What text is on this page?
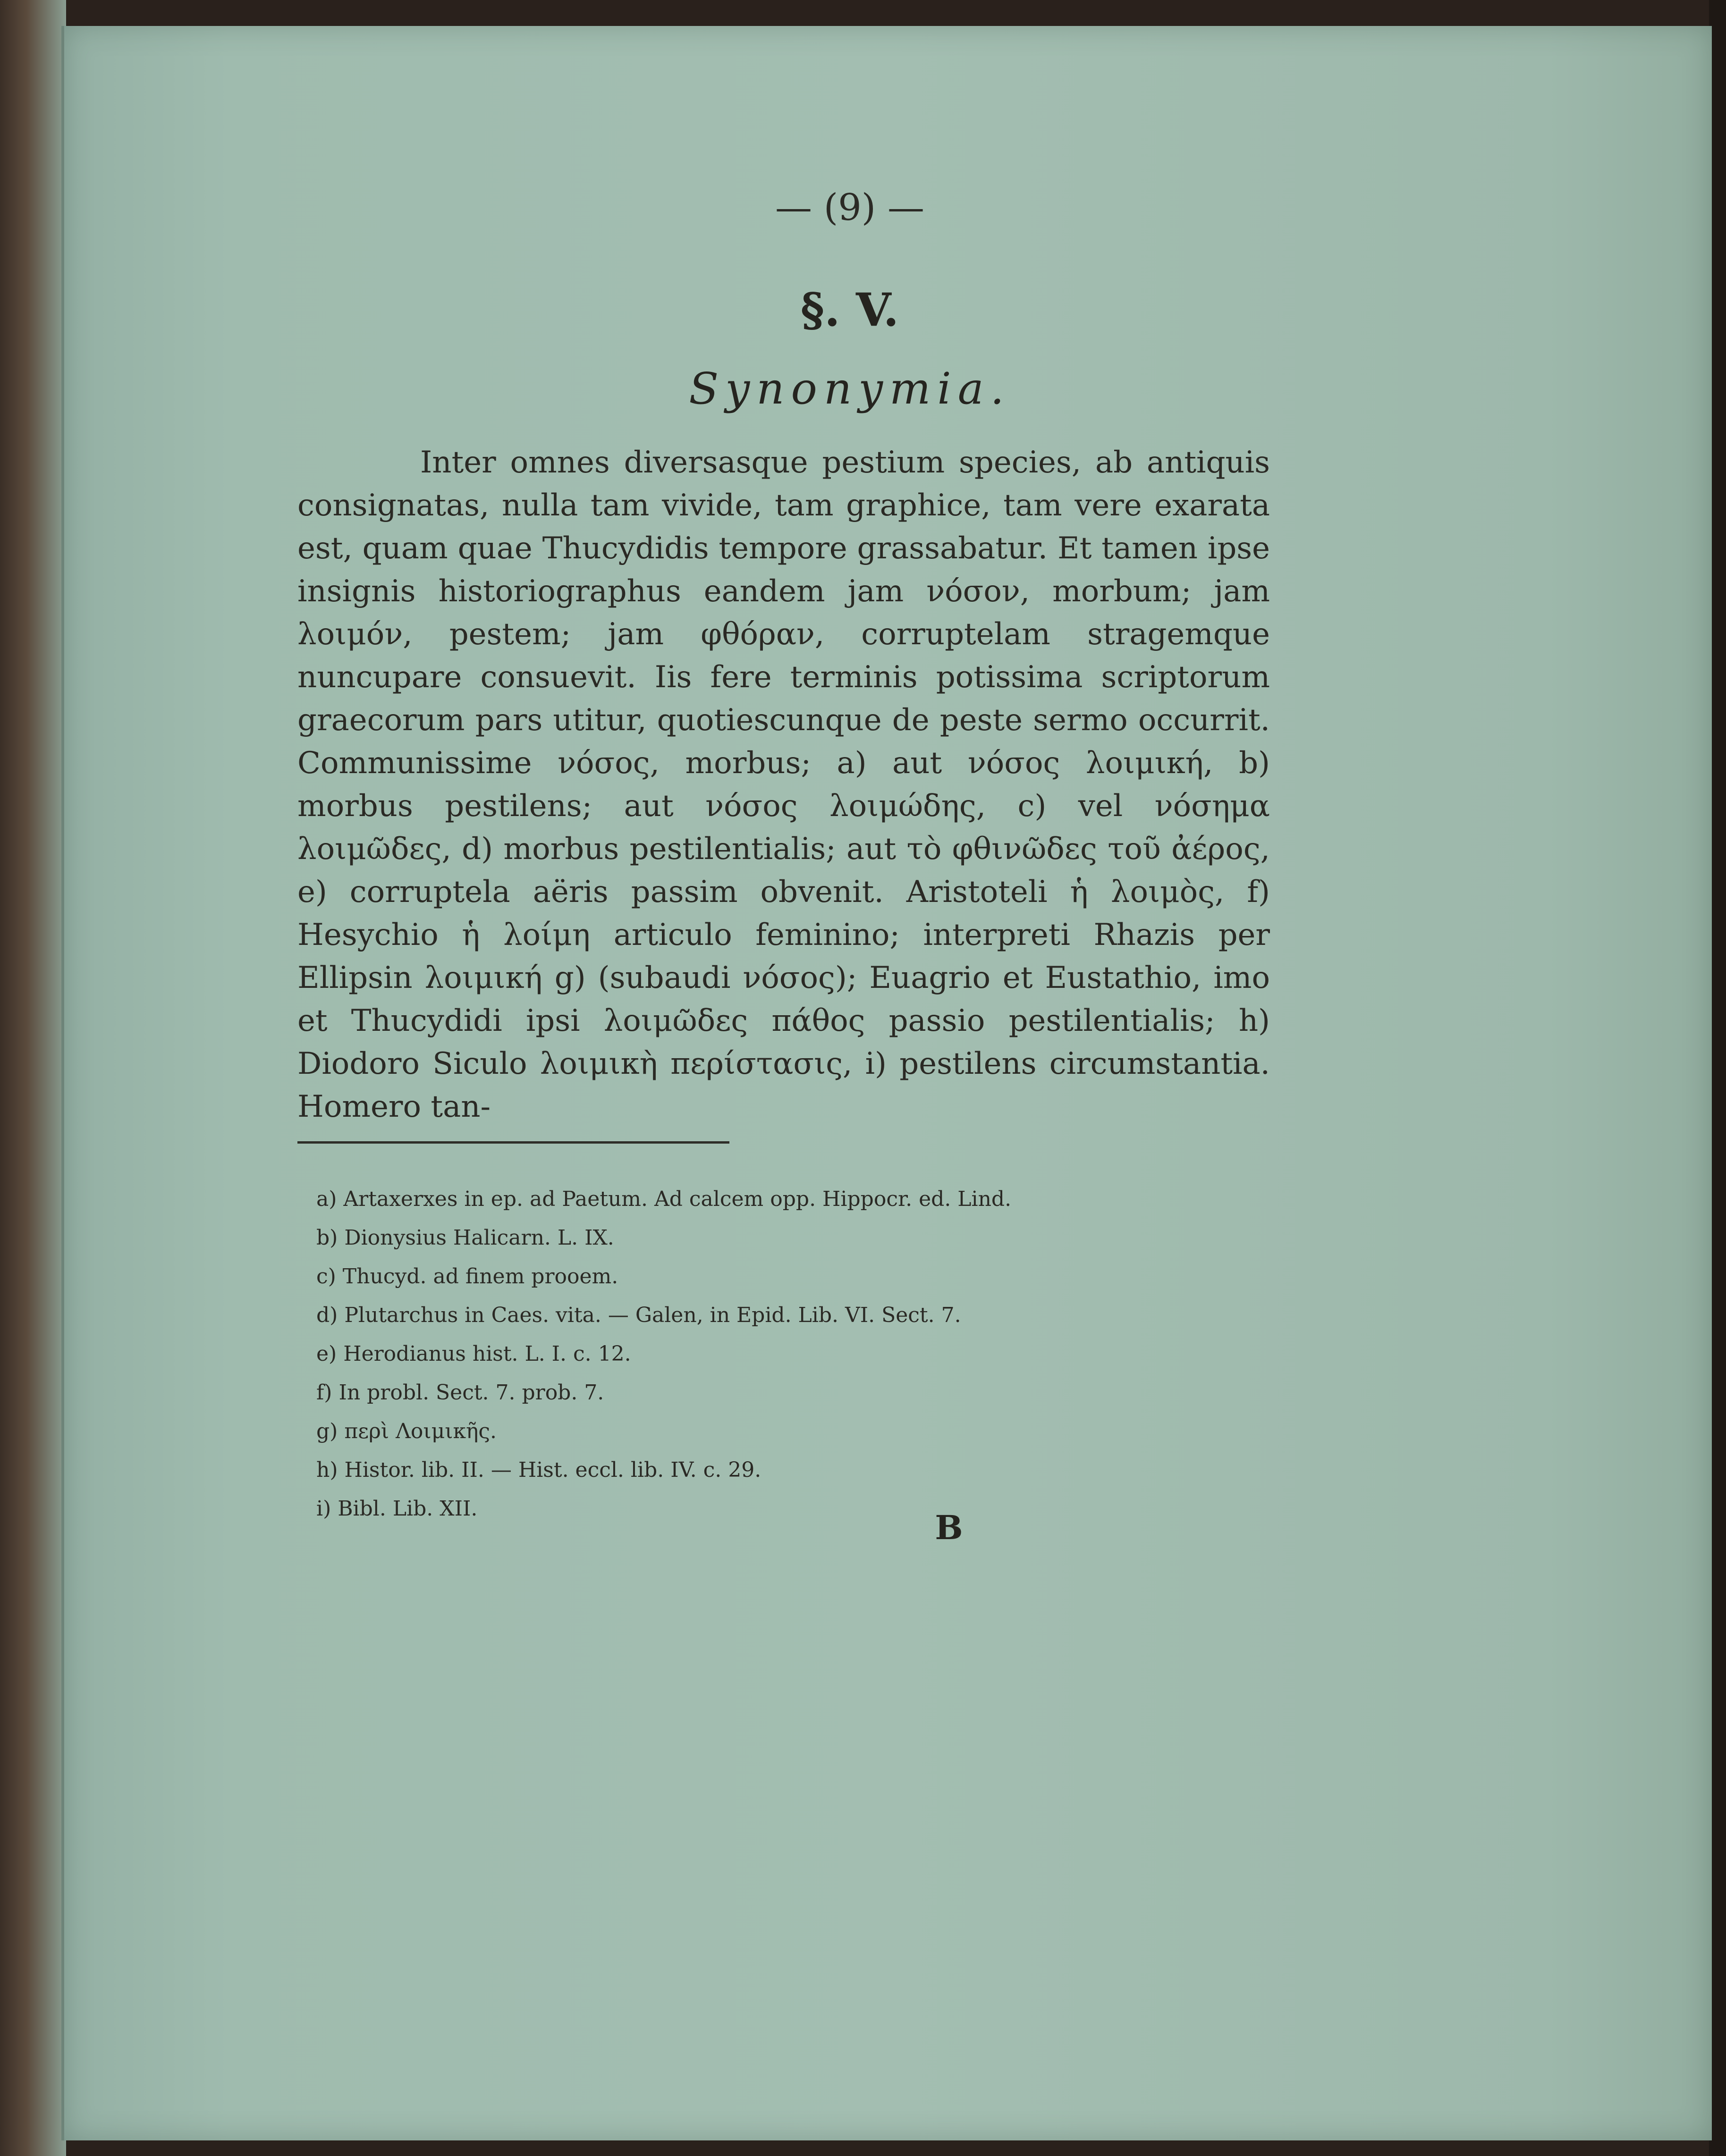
— (9) —
§. V.
Synonymia.

Inter omnes diversasque pestium species, ab antiquis consignatas, nulla tam vivide, tam graphice, tam vere exarata est, quam quae Thucydidis tempore grassabatur. Et tamen ipse insignis historiographus eandem jam νόσον, morbum; jam λοιμόν, pestem; jam φθόραν, corruptelam stragemque nuncupare consuevit. Iis fere terminis potissima scriptorum graecorum pars utitur, quotiescunque de peste sermo occurrit. Communissime νόσος, morbus; a) aut νόσος λοιμική, b) morbus pestilens; aut νόσος λοιμώδης, c) vel νόσημα λοιμῶδες, d) morbus pestilentialis; aut τὸ φθινῶδες τοῦ ἀέρος, e) corruptela aëris passim obvenit. Aristoteli ἡ λοιμὸς, f) Hesychio ἡ λοίμη articulo feminino; interpreti Rhazis per Ellipsin λοιμική g) (subaudi νόσος); Euagrio et Eustathio, imo et Thucydidi ipsi λοιμῶδες πάθος passio pestilentialis; h) Diodoro Siculo λοιμικὴ περίστασις, i) pestilens circumstantia. Homero tan-

a) Artaxerxes in ep. ad Paetum. Ad calcem opp. Hippocr. ed. Lind.
b) Dionysius Halicarn. L. IX.
c) Thucyd. ad finem prooem.
d) Plutarchus in Caes. vita. — Galen, in Epid. Lib. VI. Sect. 7.
e) Herodianus hist. L. I. c. 12.
f) In probl. Sect. 7. prob. 7.
g) περὶ Λοιμικῆς.
h) Histor. lib. II. — Hist. eccl. lib. IV. c. 29.
i) Bibl. Lib. XII.	B
